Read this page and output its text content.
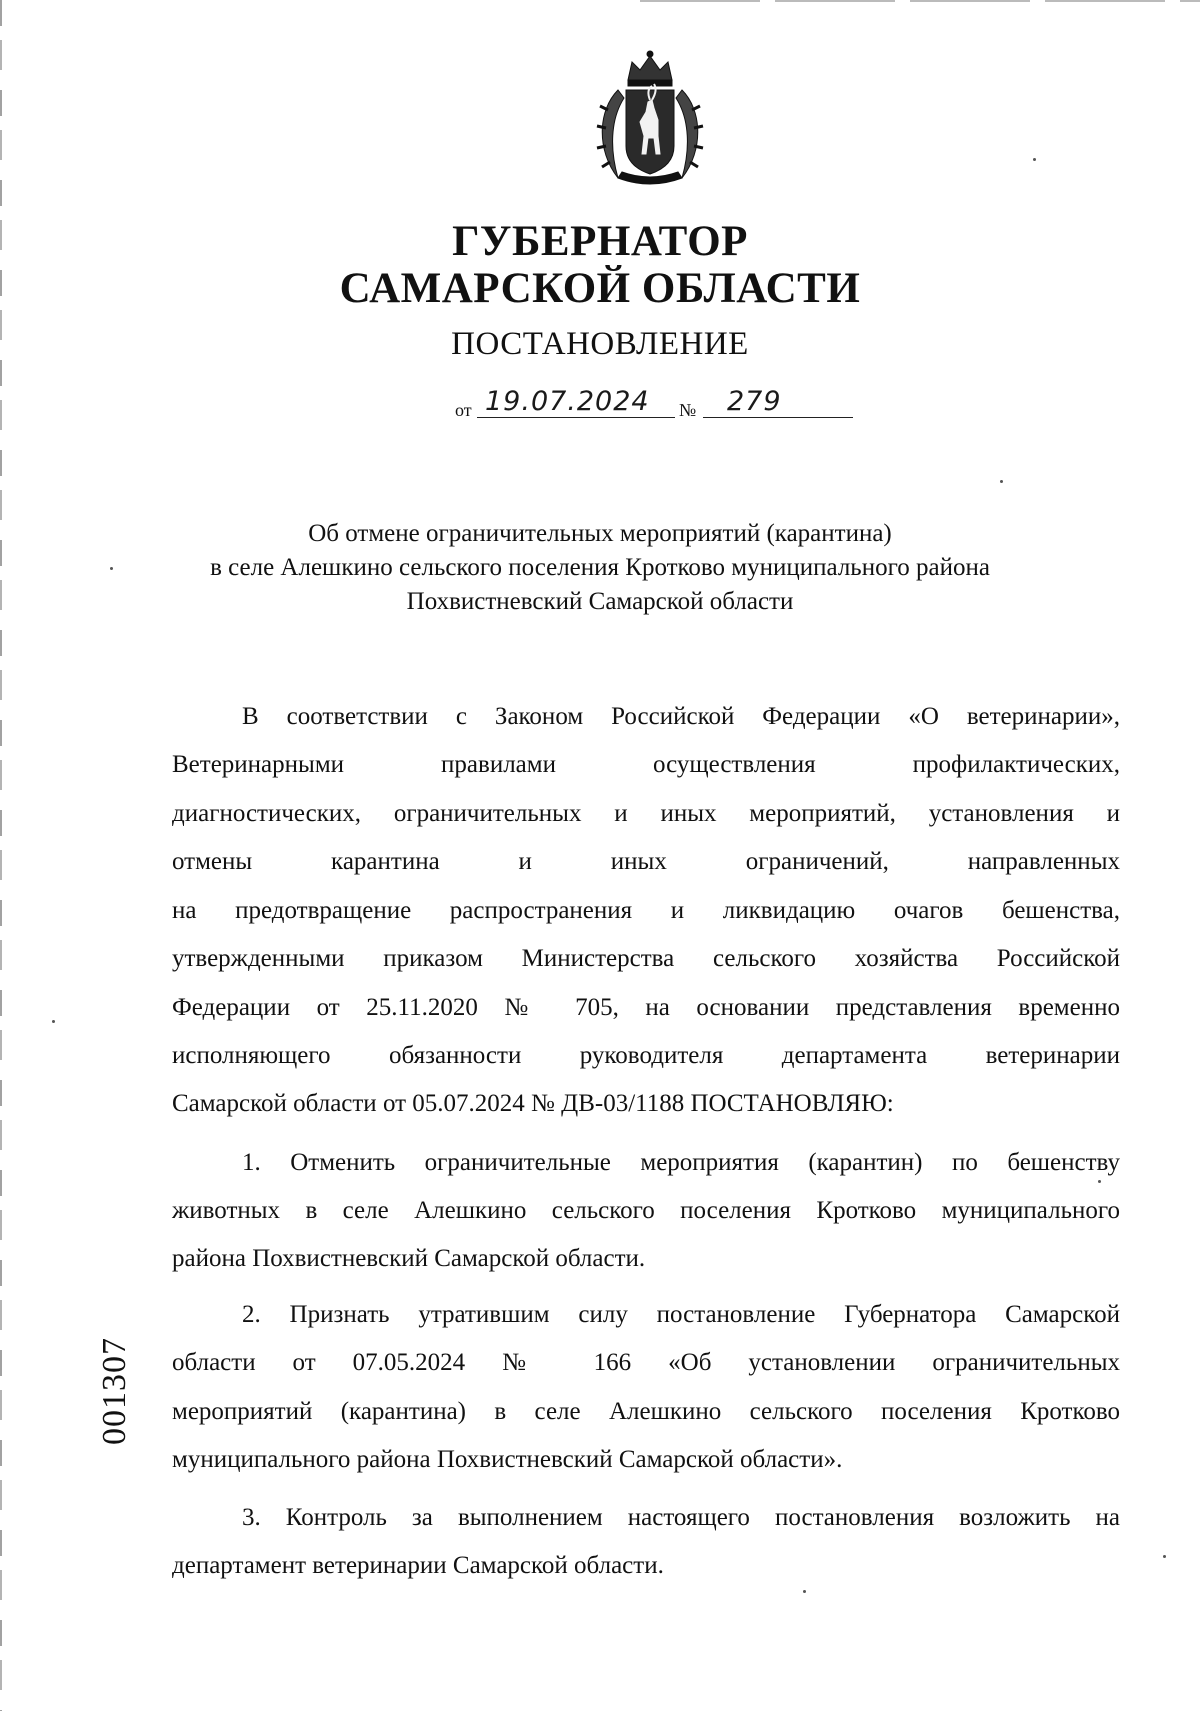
ГУБЕРНАТОР
САМАРСКОЙ ОБЛАСТИ
ПОСТАНОВЛЕНИЕ
от 19.07.2024 № 279
Об отмене ограничительных мероприятий (карантина)
в селе Алешкино сельского поселения Кротково муниципального района
Похвистневский Самарской области
В соответствии с Законом Российской Федерации «О ветеринарии»,
Ветеринарными правилами осуществления профилактических,
диагностических, ограничительных и иных мероприятий, установления и
отмены карантина и иных ограничений, направленных
на предотвращение распространения и ликвидацию очагов бешенства,
утвержденными приказом Министерства сельского хозяйства Российской
Федерации от 25.11.2020 № 705, на основании представления временно
исполняющего обязанности руководителя департамента ветеринарии
Самарской области от 05.07.2024 № ДВ-03/1188 ПОСТАНОВЛЯЮ:
1. Отменить ограничительные мероприятия (карантин) по бешенству
животных в селе Алешкино сельского поселения Кротково муниципального
района Похвистневский Самарской области.
2. Признать утратившим силу постановление Губернатора Самарской
области от 07.05.2024 № 166 «Об установлении ограничительных
мероприятий (карантина) в селе Алешкино сельского поселения Кротково
муниципального района Похвистневский Самарской области».
3. Контроль за выполнением настоящего постановления возложить на
департамент ветеринарии Самарской области.
001307
